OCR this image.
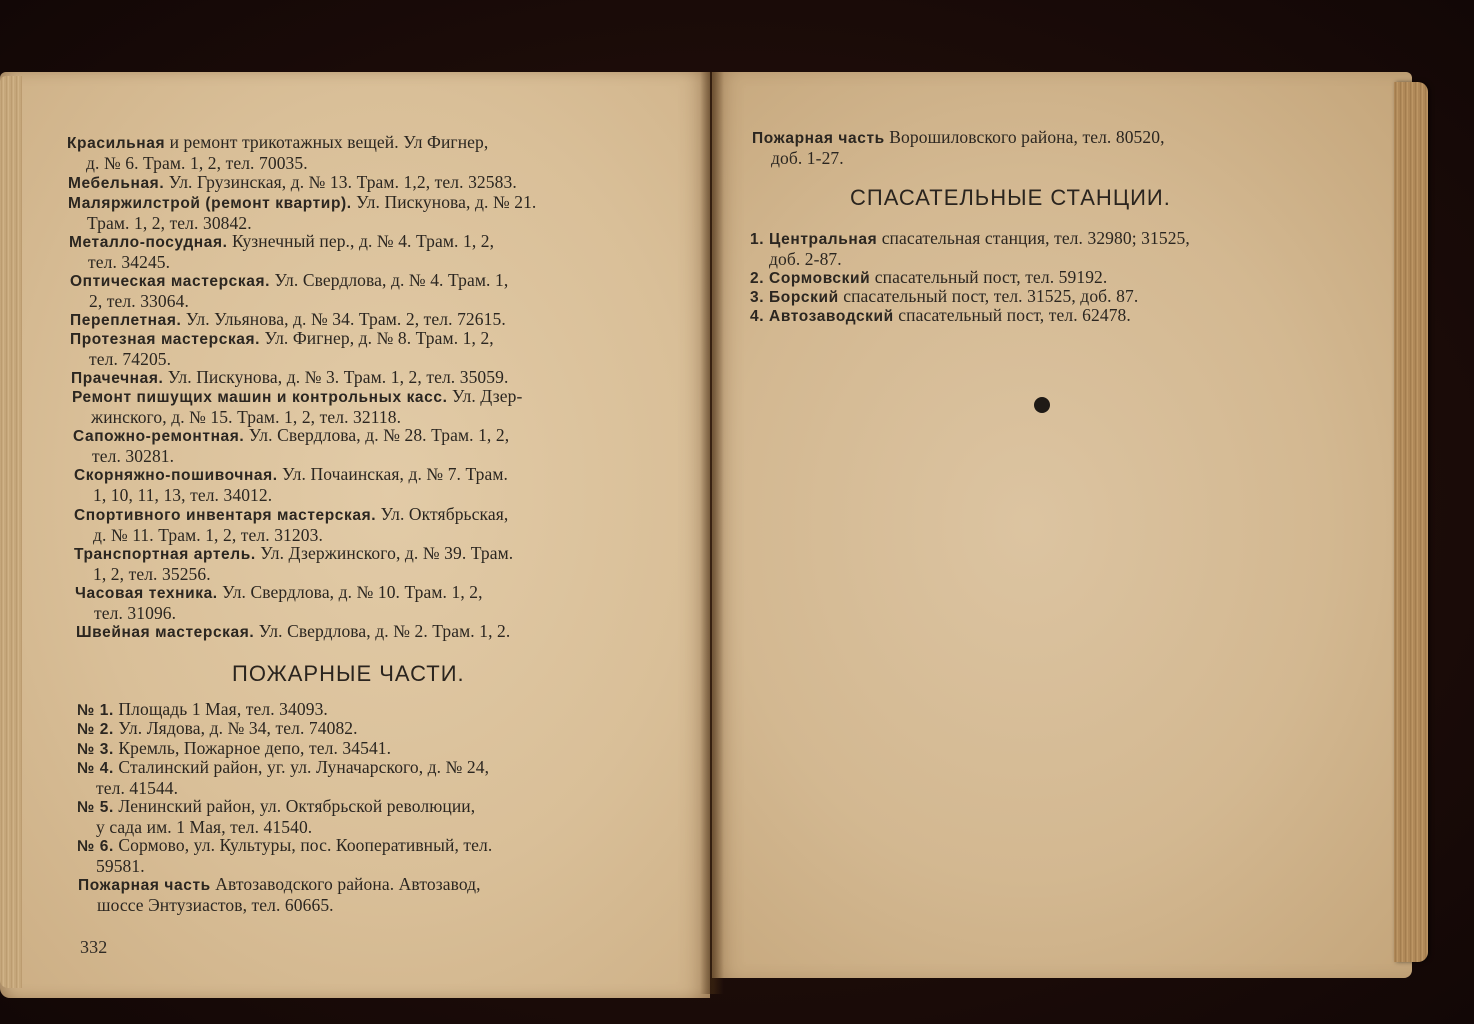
Красильная и ремонт трикотажных вещей. Ул Фигнер,
д. № 6. Трам. 1, 2, тел. 70035.
Мебельная. Ул. Грузинская, д. № 13. Трам. 1,2, тел. 32583.
Маляржилстрой (ремонт квартир). Ул. Пискунова, д. № 21.
Трам. 1, 2, тел. 30842.
Металло-посудная. Кузнечный пер., д. № 4. Трам. 1, 2,
тел. 34245.
Оптическая мастерская. Ул. Свердлова, д. № 4. Трам. 1,
2, тел. 33064.
Переплетная. Ул. Ульянова, д. № 34. Трам. 2, тел. 72615.
Протезная мастерская. Ул. Фигнер, д. № 8. Трам. 1, 2,
тел. 74205.
Прачечная. Ул. Пискунова, д. № 3. Трам. 1, 2, тел. 35059.
Ремонт пишущих машин и контрольных касс. Ул. Дзер-
жинского, д. № 15. Трам. 1, 2, тел. 32118.
Сапожно-ремонтная. Ул. Свердлова, д. № 28. Трам. 1, 2,
тел. 30281.
Скорняжно-пошивочная. Ул. Почаинская, д. № 7. Трам.
1, 10, 11, 13, тел. 34012.
Спортивного инвентаря мастерская. Ул. Октябрьская,
д. № 11. Трам. 1, 2, тел. 31203.
Транспортная артель. Ул. Дзержинского, д. № 39. Трам.
1, 2, тел. 35256.
Часовая техника. Ул. Свердлова, д. № 10. Трам. 1, 2,
тел. 31096.
Швейная мастерская. Ул. Свердлова, д. № 2. Трам. 1, 2.
ПОЖАРНЫЕ ЧАСТИ.
№ 1. Площадь 1 Мая, тел. 34093.
№ 2. Ул. Лядова, д. № 34, тел. 74082.
№ 3. Кремль, Пожарное депо, тел. 34541.
№ 4. Сталинский район, уг. ул. Луначарского, д. № 24,
тел. 41544.
№ 5. Ленинский район, ул. Октябрьской революции,
у сада им. 1 Мая, тел. 41540.
№ 6. Сормово, ул. Культуры, пос. Кооперативный, тел.
59581.
Пожарная часть Автозаводского района. Автозавод,
шоссе Энтузиастов, тел. 60665.
332
Пожарная часть Ворошиловского района, тел. 80520,
доб. 1-27.
СПАСАТЕЛЬНЫЕ СТАНЦИИ.
1. Центральная спасательная станция, тел. 32980; 31525,
доб. 2-87.
2. Сормовский спасательный пост, тел. 59192.
3. Борский спасательный пост, тел. 31525, доб. 87.
4. Автозаводский спасательный пост, тел. 62478.
